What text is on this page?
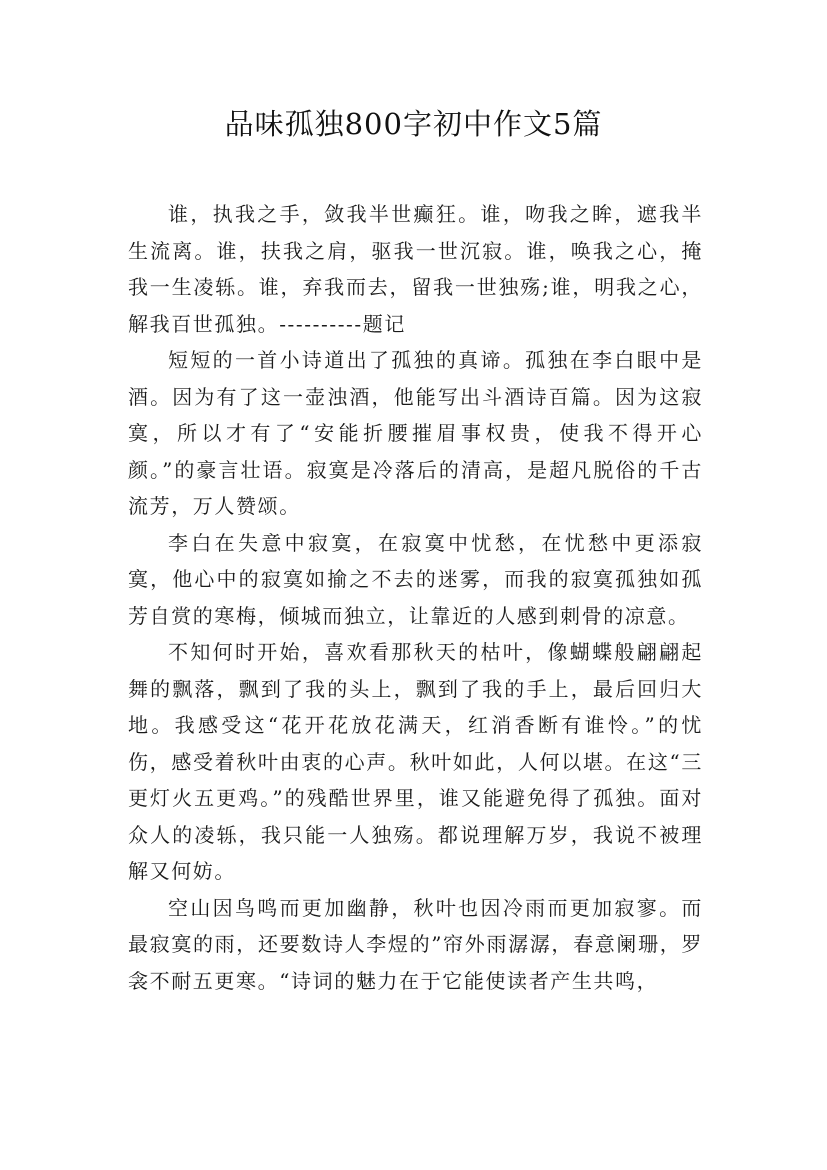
品味孤独800字初中作文5篇

谁，执我之手，敛我半世癫狂。谁，吻我之眸，遮我半生流离。谁，扶我之肩，驱我一世沉寂。谁，唤我之心，掩我一生凌轹。谁，弃我而去，留我一世独殇;谁，明我之心，解我百世孤独。----------题记

短短的一首小诗道出了孤独的真谛。孤独在李白眼中是酒。因为有了这一壶浊酒，他能写出斗酒诗百篇。因为这寂寞，所以才有了“安能折腰摧眉事权贵，使我不得开心颜。”的豪言壮语。寂寞是冷落后的清高，是超凡脱俗的千古流芳，万人赞颂。

李白在失意中寂寞，在寂寞中忧愁，在忧愁中更添寂寞，他心中的寂寞如揄之不去的迷雾，而我的寂寞孤独如孤芳自赏的寒梅，倾城而独立，让靠近的人感到刺骨的凉意。

不知何时开始，喜欢看那秋天的枯叶，像蝴蝶般翩翩起舞的飘落，飘到了我的头上，飘到了我的手上，最后回归大地。我感受这“花开花放花满天，红消香断有谁怜。”的忧伤，感受着秋叶由衷的心声。秋叶如此，人何以堪。在这“三更灯火五更鸡。”的残酷世界里，谁又能避免得了孤独。面对众人的凌轹，我只能一人独殇。都说理解万岁，我说不被理解又何妨。

空山因鸟鸣而更加幽静，秋叶也因冷雨而更加寂寥。而最寂寞的雨，还要数诗人李煜的”帘外雨潺潺，春意阑珊，罗衾不耐五更寒。“诗词的魅力在于它能使读者产生共鸣，
